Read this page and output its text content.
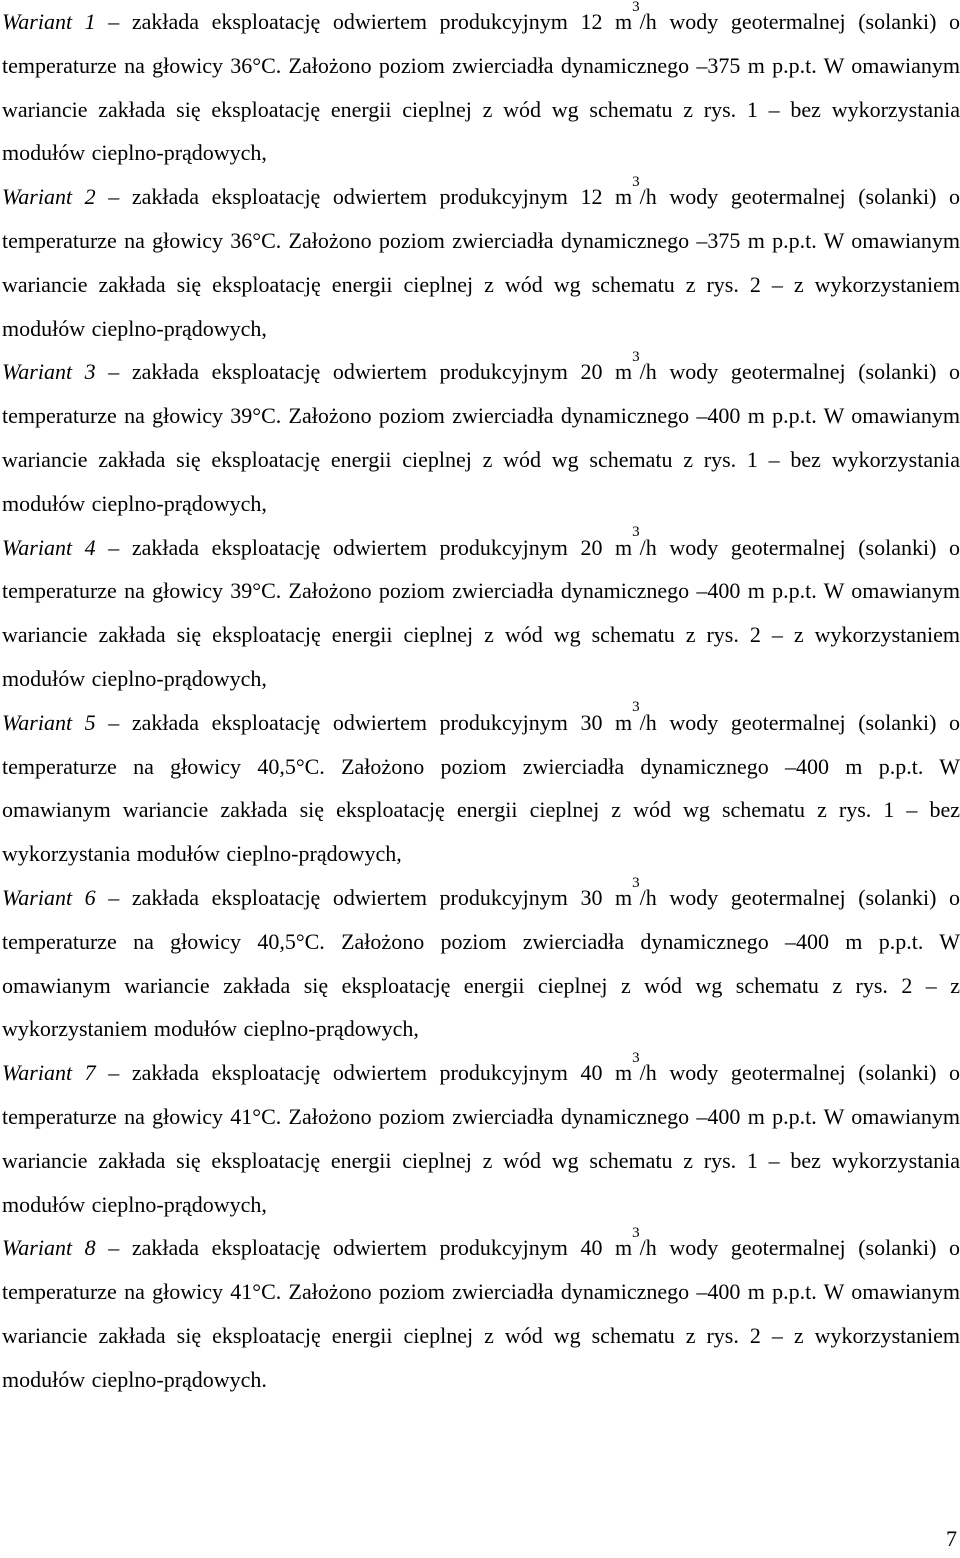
Wariant 1 – zakłada eksploatację odwiertem produkcyjnym 12 $m^3/h$ wody geotermalnej (solanki) o temperaturze na głowicy 36°C. Założono poziom zwierciadła dynamicznego –375 m p.p.t. W omawianym wariancie zakłada się eksploatację energii cieplnej z wód wg schematu z rys. 1 – bez wykorzystania modułów cieplno-prądowych,

Wariant 2 – zakłada eksploatację odwiertem produkcyjnym 12 $m^3/h$ wody geotermalnej (solanki) o temperaturze na głowicy 36°C. Założono poziom zwierciadła dynamicznego –375 m p.p.t. W omawianym wariancie zakłada się eksploatację energii cieplnej z wód wg schematu z rys. 2 – z wykorzystaniem modułów cieplno-prądowych,

Wariant 3 – zakłada eksploatację odwiertem produkcyjnym 20 $m^3/h$ wody geotermalnej (solanki) o temperaturze na głowicy 39°C. Założono poziom zwierciadła dynamicznego –400 m p.p.t. W omawianym wariancie zakłada się eksploatację energii cieplnej z wód wg schematu z rys. 1 – bez wykorzystania modułów cieplno-prądowych,

Wariant 4 – zakłada eksploatację odwiertem produkcyjnym 20 $m^3/h$ wody geotermalnej (solanki) o temperaturze na głowicy 39°C. Założono poziom zwierciadła dynamicznego –400 m p.p.t. W omawianym wariancie zakłada się eksploatację energii cieplnej z wód wg schematu z rys. 2 – z wykorzystaniem modułów cieplno-prądowych,

Wariant 5 – zakłada eksploatację odwiertem produkcyjnym 30 $m^3/h$ wody geotermalnej (solanki) o temperaturze na głowicy 40,5°C. Założono poziom zwierciadła dynamicznego –400 m p.p.t. W omawianym wariancie zakłada się eksploatację energii cieplnej z wód wg schematu z rys. 1 – bez wykorzystania modułów cieplno-prądowych,

Wariant 6 – zakłada eksploatację odwiertem produkcyjnym 30 $m^3/h$ wody geotermalnej (solanki) o temperaturze na głowicy 40,5°C. Założono poziom zwierciadła dynamicznego –400 m p.p.t. W omawianym wariancie zakłada się eksploatację energii cieplnej z wód wg schematu z rys. 2 – z wykorzystaniem modułów cieplno-prądowych,

Wariant 7 – zakłada eksploatację odwiertem produkcyjnym 40 $m^3/h$ wody geotermalnej (solanki) o temperaturze na głowicy 41°C. Założono poziom zwierciadła dynamicznego –400 m p.p.t. W omawianym wariancie zakłada się eksploatację energii cieplnej z wód wg schematu z rys. 1 – bez wykorzystania modułów cieplno-prądowych,

Wariant 8 – zakłada eksploatację odwiertem produkcyjnym 40 $m^3/h$ wody geotermalnej (solanki) o temperaturze na głowicy 41°C. Założono poziom zwierciadła dynamicznego –400 m p.p.t. W omawianym wariancie zakłada się eksploatację energii cieplnej z wód wg schematu z rys. 2 – z wykorzystaniem modułów cieplno-prądowych.

7
